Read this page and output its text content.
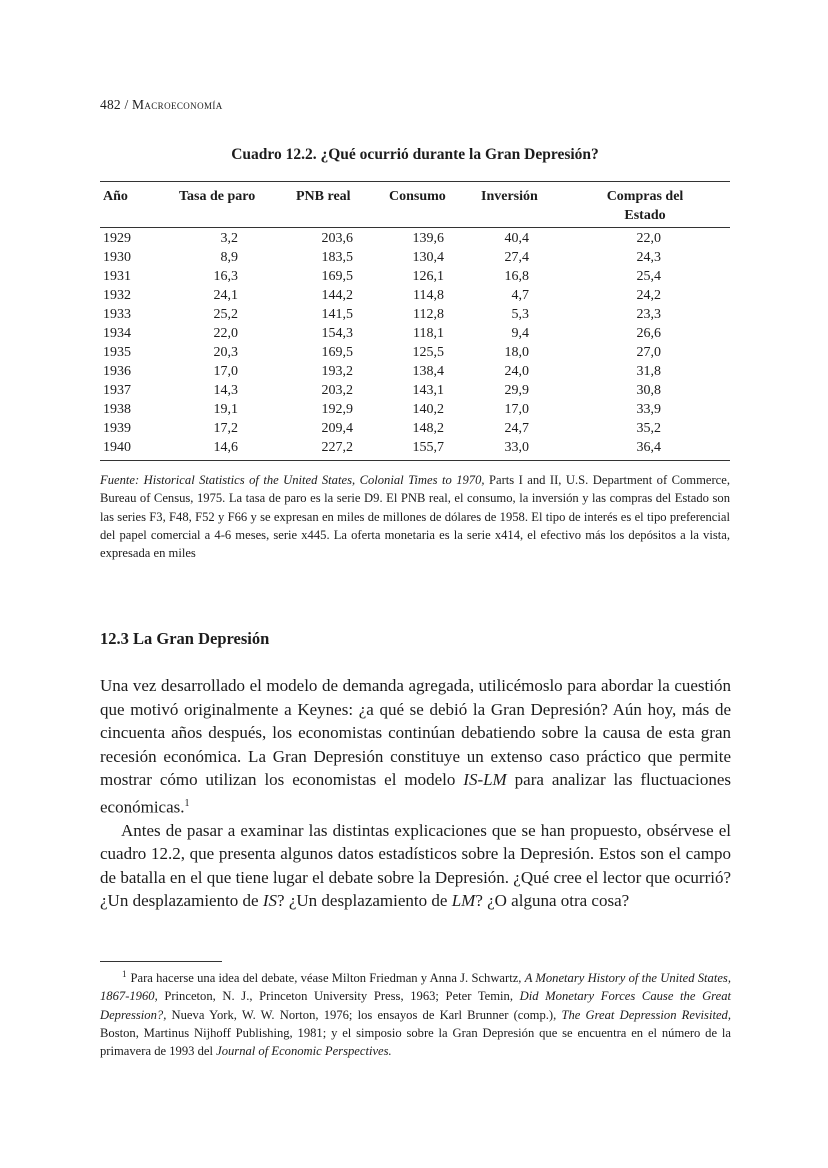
482 / Macroeconomía
Cuadro 12.2. ¿Qué ocurrió durante la Gran Depresión?
Año	Tasa de paro	PNB real	Consumo	Inversión	Compras del
Estado
1929	3,2	203,6	139,6	40,4	22,0
1930	8,9	183,5	130,4	27,4	24,3
1931	16,3	169,5	126,1	16,8	25,4
1932	24,1	144,2	114,8	4,7	24,2
1933	25,2	141,5	112,8	5,3	23,3
1934	22,0	154,3	118,1	9,4	26,6
1935	20,3	169,5	125,5	18,0	27,0
1936	17,0	193,2	138,4	24,0	31,8
1937	14,3	203,2	143,1	29,9	30,8
1938	19,1	192,9	140,2	17,0	33,9
1939	17,2	209,4	148,2	24,7	35,2
1940	14,6	227,2	155,7	33,0	36,4
Fuente: Historical Statistics of the United States, Colonial Times to 1970, Parts I and II, U.S. Department of Commerce, Bureau of Census, 1975. La tasa de paro es la serie D9. El PNB real, el consumo, la inversión y las compras del Estado son las series F3, F48, F52 y F66 y se expresan en miles de millones de dólares de 1958. El tipo de interés es el tipo preferencial del papel comercial a 4-6 meses, serie x445. La oferta monetaria es la serie x414, el efectivo más los depósitos a la vista, expresada en miles
12.3 La Gran Depresión

Una vez desarrollado el modelo de demanda agregada, utilicémoslo para abordar la cuestión que motivó originalmente a Keynes: ¿a qué se debió la Gran Depresión? Aún hoy, más de cincuenta años después, los economistas continúan debatiendo sobre la causa de esta gran recesión económica. La Gran Depresión constituye un extenso caso práctico que permite mostrar cómo utilizan los economistas el modelo IS-LM para analizar las fluctuaciones económicas.$^1$

Antes de pasar a examinar las distintas explicaciones que se han propuesto, obsérvese el cuadro 12.2, que presenta algunos datos estadísticos sobre la Depresión. Estos son el campo de batalla en el que tiene lugar el debate sobre la Depresión. ¿Qué cree el lector que ocurrió? ¿Un desplazamiento de IS? ¿Un desplazamiento de LM? ¿O alguna otra cosa?

$^1$ Para hacerse una idea del debate, véase Milton Friedman y Anna J. Schwartz, A Monetary History of the United States, 1867-1960, Princeton, N. J., Princeton University Press, 1963; Peter Temin, Did Monetary Forces Cause the Great Depression?, Nueva York, W. W. Norton, 1976; los ensayos de Karl Brunner (comp.), The Great Depression Revisited, Boston, Martinus Nijhoff Publishing, 1981; y el simposio sobre la Gran Depresión que se encuentra en el número de la primavera de 1993 del Journal of Economic Perspectives.
